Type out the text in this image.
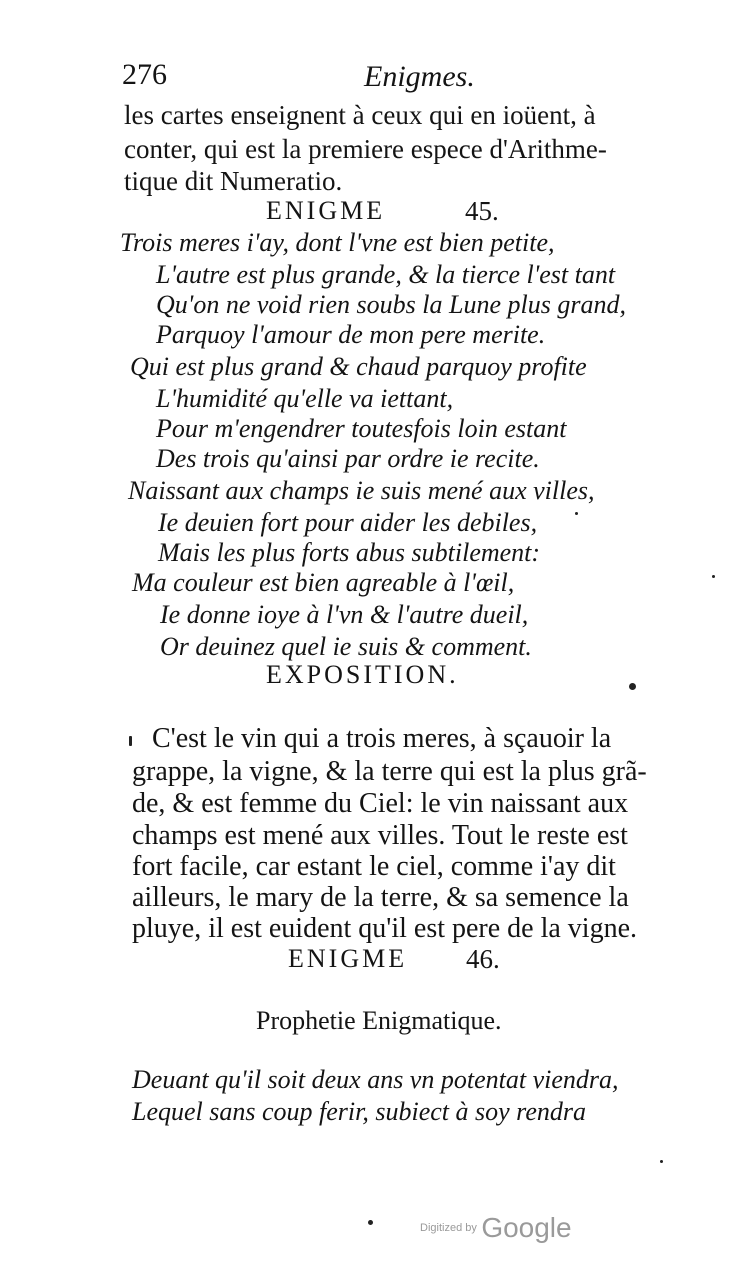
276	Enigmes.
les cartes enseignent à ceux qui en ioüent, à
conter, qui est la premiere espece d'Arithme-
tique dit Numeratio.
ENIGME	45.
Trois meres i'ay, dont l'vne est bien petite,
L'autre est plus grande, & la tierce l'est tant
Qu'on ne void rien soubs la Lune plus grand,
Parquoy l'amour de mon pere merite.
Qui est plus grand & chaud parquoy profite
L'humidité qu'elle va iettant,
Pour m'engendrer toutesfois loin estant
Des trois qu'ainsi par ordre ie recite.
Naissant aux champs ie suis mené aux villes,
Ie deuien fort pour aider les debiles,
Mais les plus forts abus subtilement:
Ma couleur est bien agreable à l'œil,
Ie donne ioye à l'vn & l'autre dueil,
Or deuinez quel ie suis & comment.
EXPOSITION.
C'est le vin qui a trois meres, à sçauoir la
grappe, la vigne, & la terre qui est la plus grã-
de, & est femme du Ciel: le vin naissant aux
champs est mené aux villes. Tout le reste est
fort facile, car estant le ciel, comme i'ay dit
ailleurs, le mary de la terre, & sa semence la
pluye, il est euident qu'il est pere de la vigne.
ENIGME 46.
Prophetie Enigmatique.
Deuant qu'il soit deux ans vn potentat viendra,
Lequel sans coup ferir, subiect à soy rendra
Digitized by Google
